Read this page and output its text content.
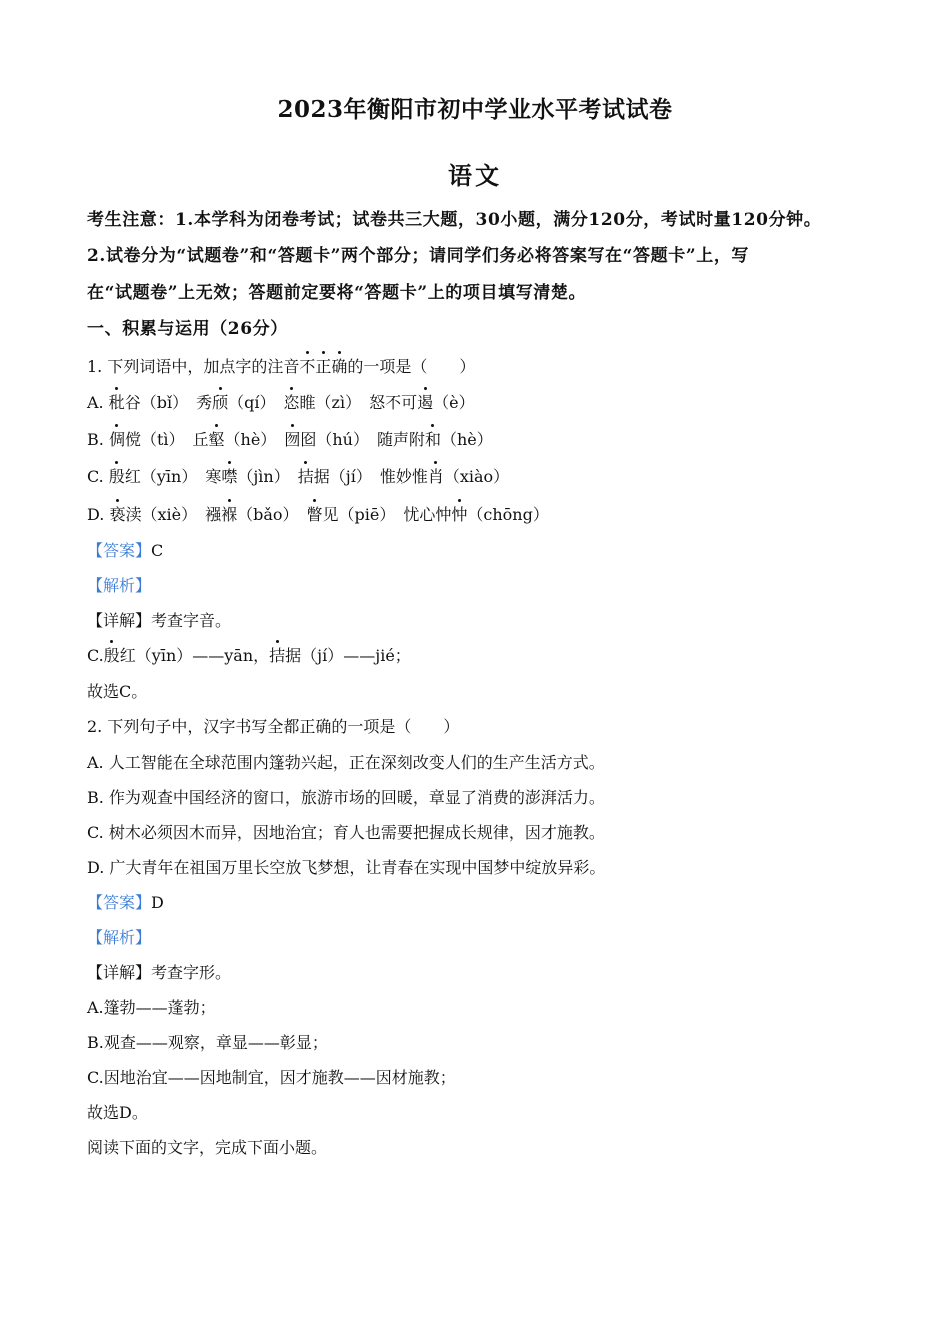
2023年衡阳市初中学业水平考试试卷
语文
考生注意：1.本学科为闭卷考试；试卷共三大题，30小题，满分120分，考试时量120分钟。
2.试卷分为“试题卷”和“答题卡”两个部分；请同学们务必将答案写在“答题卡”上，写
在“试题卷”上无效；答题前定要将“答题卡”上的项目填写清楚。
一、积累与运用（26分）
1. 下列词语中，加点字的注音不正确的一项是（　　）
A. 秕谷（bǐ）　秀颀（qí）　恣睢（zì）　怒不可遏（è）
B. 倜傥（tì）　丘壑（hè）　囫囵（hú）　随声附和（hè）
C. 殷红（yīn）　寒噤（jìn）　拮据（jí）　惟妙惟肖（xiào）
D. 亵渎（xiè）　襁褓（bǎo）　瞥见（piē）　忧心忡忡（chōng）
【答案】C
【解析】
【详解】考查字音。
C.殷红（yīn）——yān，拮据（jí）——jié；
故选C。
2. 下列句子中，汉字书写全都正确的一项是（　　）
A. 人工智能在全球范围内篷勃兴起，正在深刻改变人们的生产生活方式。
B. 作为观查中国经济的窗口，旅游市场的回暖，章显了消费的澎湃活力。
C. 树木必须因木而异，因地治宜；育人也需要把握成长规律，因才施教。
D. 广大青年在祖国万里长空放飞梦想，让青春在实现中国梦中绽放异彩。
【答案】D
【解析】
【详解】考查字形。
A.篷勃——蓬勃；
B.观查——观察，章显——彰显；
C.因地治宜——因地制宜，因才施教——因材施教；
故选D。
阅读下面的文字，完成下面小题。
